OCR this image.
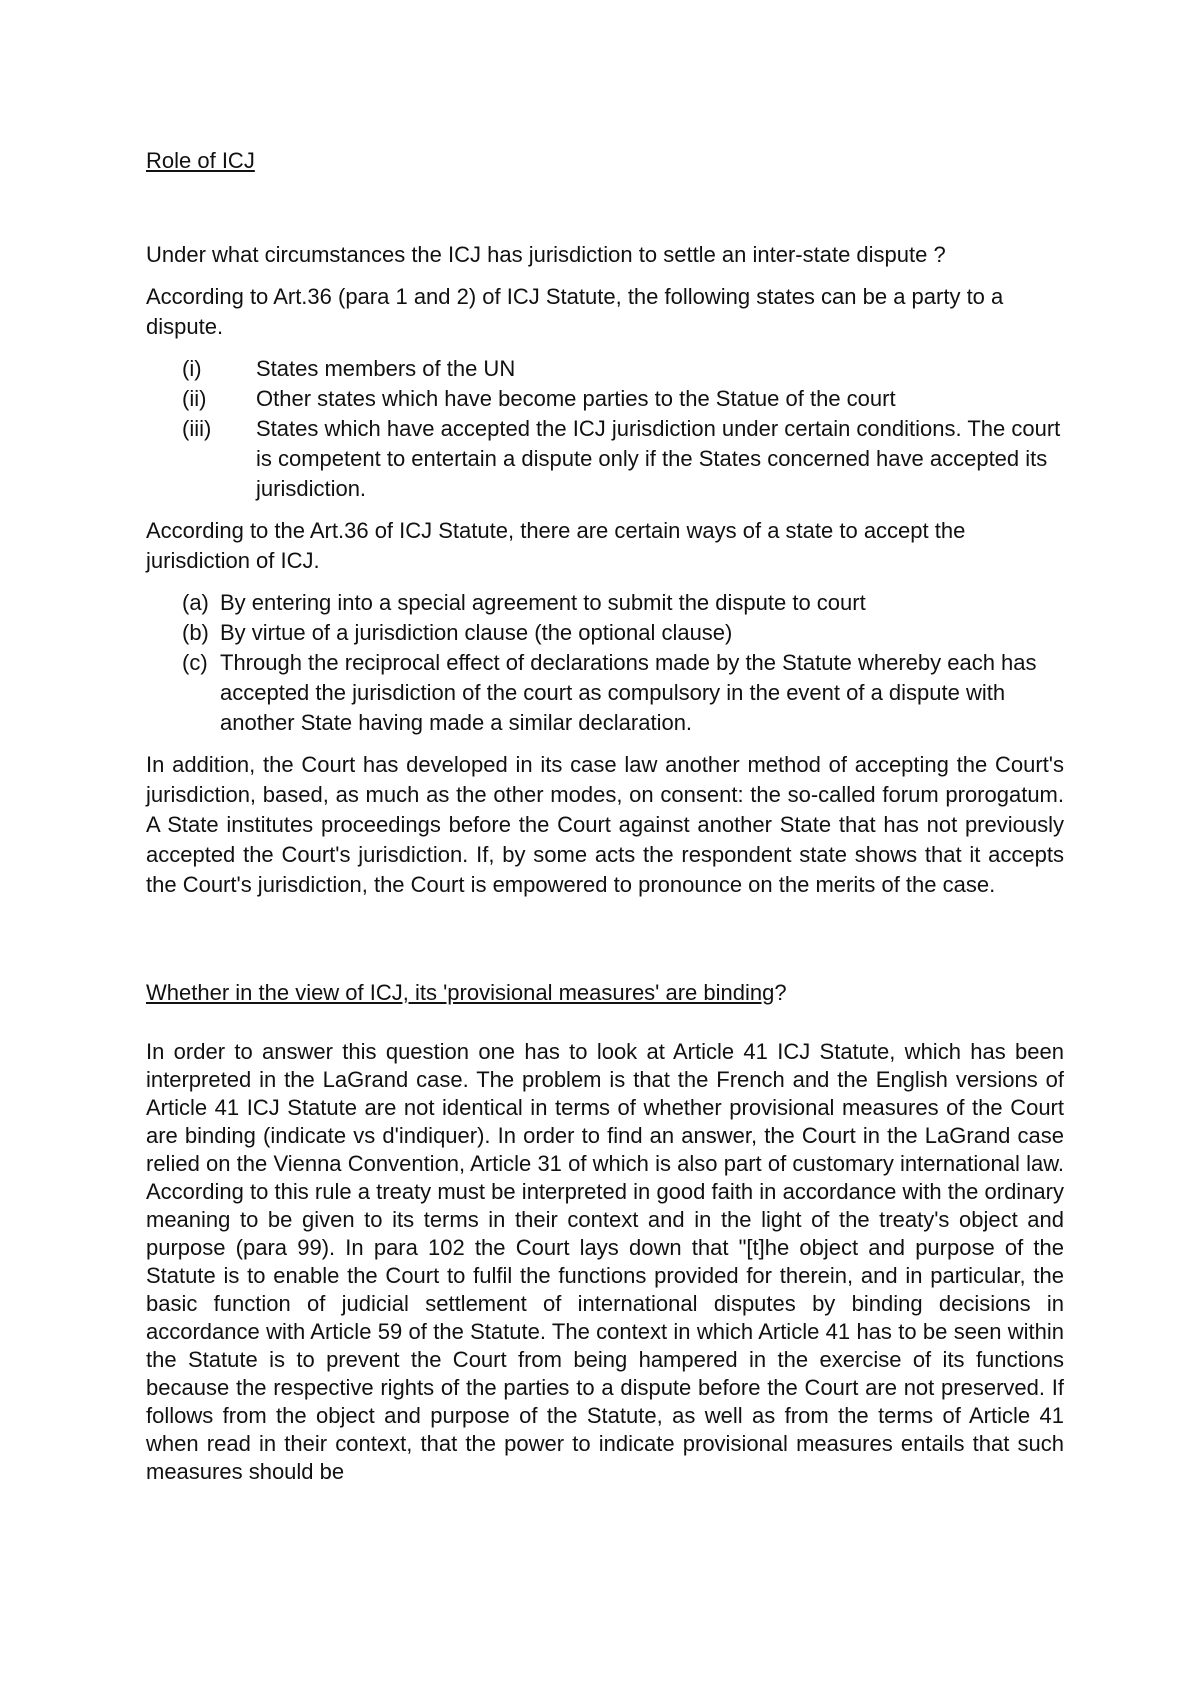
Role of ICJ

Under what circumstances the ICJ has jurisdiction to settle an inter-state dispute ?

According to Art.36 (para 1 and 2) of ICJ Statute, the following states can be a party to a dispute.

(i)	States members of the UN
(ii)	Other states which have become parties to the Statue of the court
(iii)	States which have accepted the ICJ jurisdiction under certain conditions. The court is competent to entertain a dispute only if the States concerned have accepted its jurisdiction.

According to the Art.36 of ICJ Statute, there are certain ways of a state to accept the jurisdiction of ICJ.

(a) By entering into a special agreement to submit the dispute to court
(b) By virtue of a jurisdiction clause (the optional clause)
(c) Through the reciprocal effect of declarations made by the Statute whereby each has accepted the jurisdiction of the court as compulsory in the event of a dispute with another State having made a similar declaration.

In addition, the Court has developed in its case law another method of accepting the Court's jurisdiction, based, as much as the other modes, on consent: the so-called forum prorogatum. A State institutes proceedings before the Court against another State that has not previously accepted the Court's jurisdiction. If, by some acts the respondent state shows that it accepts the Court's jurisdiction, the Court is empowered to pronounce on the merits of the case.

Whether in the view of ICJ, its 'provisional measures' are binding?

In order to answer this question one has to look at Article 41 ICJ Statute, which has been interpreted in the LaGrand case. The problem is that the French and the English versions of Article 41 ICJ Statute are not identical in terms of whether provisional measures of the Court are binding (indicate vs d'indiquer). In order to find an answer, the Court in the LaGrand case relied on the Vienna Convention, Article 31 of which is also part of customary international law. According to this rule a treaty must be interpreted in good faith in accordance with the ordinary meaning to be given to its terms in their context and in the light of the treaty's object and purpose (para 99). In para 102 the Court lays down that "[t]he object and purpose of the Statute is to enable the Court to fulfil the functions provided for therein, and in particular, the basic function of judicial settlement of international disputes by binding decisions in accordance with Article 59 of the Statute. The context in which Article 41 has to be seen within the Statute is to prevent the Court from being hampered in the exercise of its functions because the respective rights of the parties to a dispute before the Court are not preserved. If follows from the object and purpose of the Statute, as well as from the terms of Article 41 when read in their context, that the power to indicate provisional measures entails that such measures should be
